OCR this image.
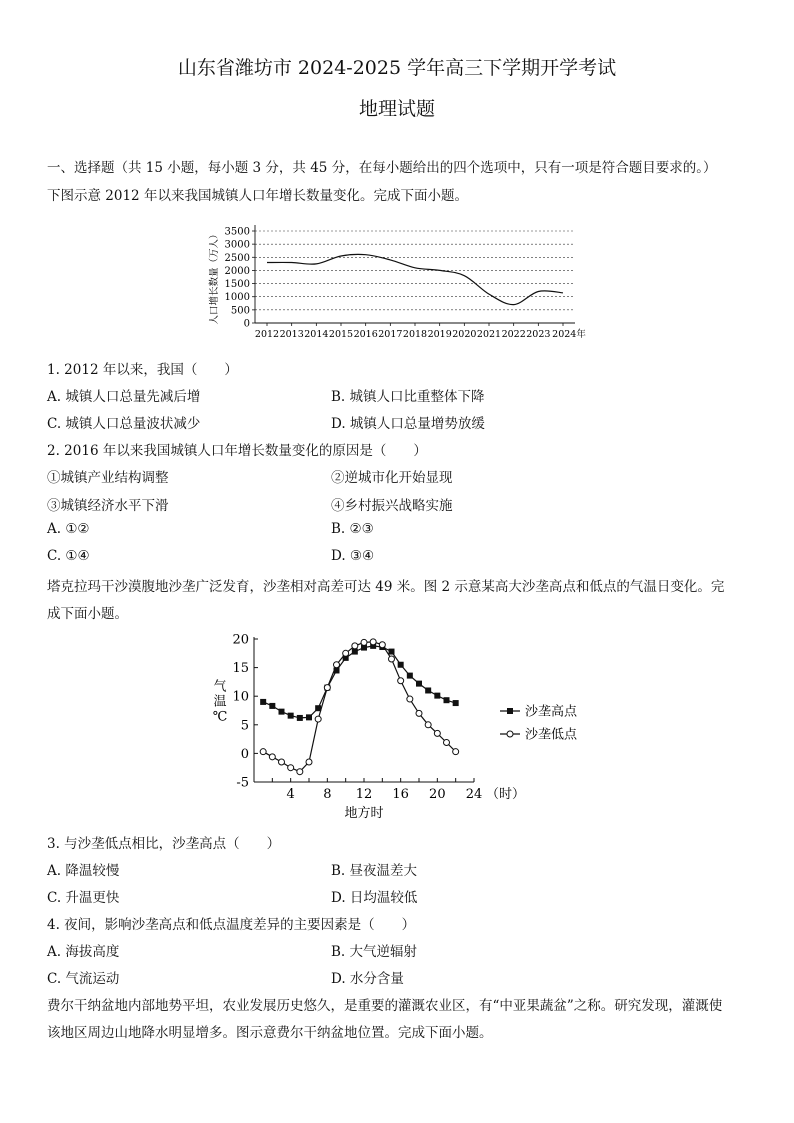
山东省潍坊市 2024-2025 学年高三下学期开学考试
地理试题
一、选择题（共 15 小题，每小题 3 分，共 45 分，在每小题给出的四个选项中，只有一项是符合题目要求的。）
下图示意 2012 年以来我国城镇人口年增长数量变化。完成下面小题。
0
500
1000
1500
2000
2500
3000
3500
2012 2013 2014 2015 2016 2017 2018 2019 2020 2021 2022 2023 2024年
人口增长数量（万人）
1. 2012 年以来，我国（　　）
A. 城镇人口总量先减后增	B. 城镇人口比重整体下降
C. 城镇人口总量波状减少	D. 城镇人口总量增势放缓
2. 2016 年以来我国城镇人口年增长数量变化的原因是（　　）
①城镇产业结构调整	②逆城市化开始显现
③城镇经济水平下滑	④乡村振兴战略实施
A. ①②	B. ②③
C. ①④	D. ③④
塔克拉玛干沙漠腹地沙垄广泛发育，沙垄相对高差可达 49 米。图 2 示意某高大沙垄高点和低点的气温日变化。完
成下面小题。
-5
0
5
10
15
20
4 8 12 16 20 24
沙垄高点
沙垄低点
（时）
地方时
气
温
℃
3. 与沙垄低点相比，沙垄高点（　　）
A. 降温较慢	B. 昼夜温差大
C. 升温更快	D. 日均温较低
4. 夜间，影响沙垄高点和低点温度差异的主要因素是（　　）
A. 海拔高度	B. 大气逆辐射
C. 气流运动	D. 水分含量
费尔干纳盆地内部地势平坦，农业发展历史悠久，是重要的灌溉农业区，有“中亚果蔬盆”之称。研究发现，灌溉使
该地区周边山地降水明显增多。图示意费尔干纳盆地位置。完成下面小题。
